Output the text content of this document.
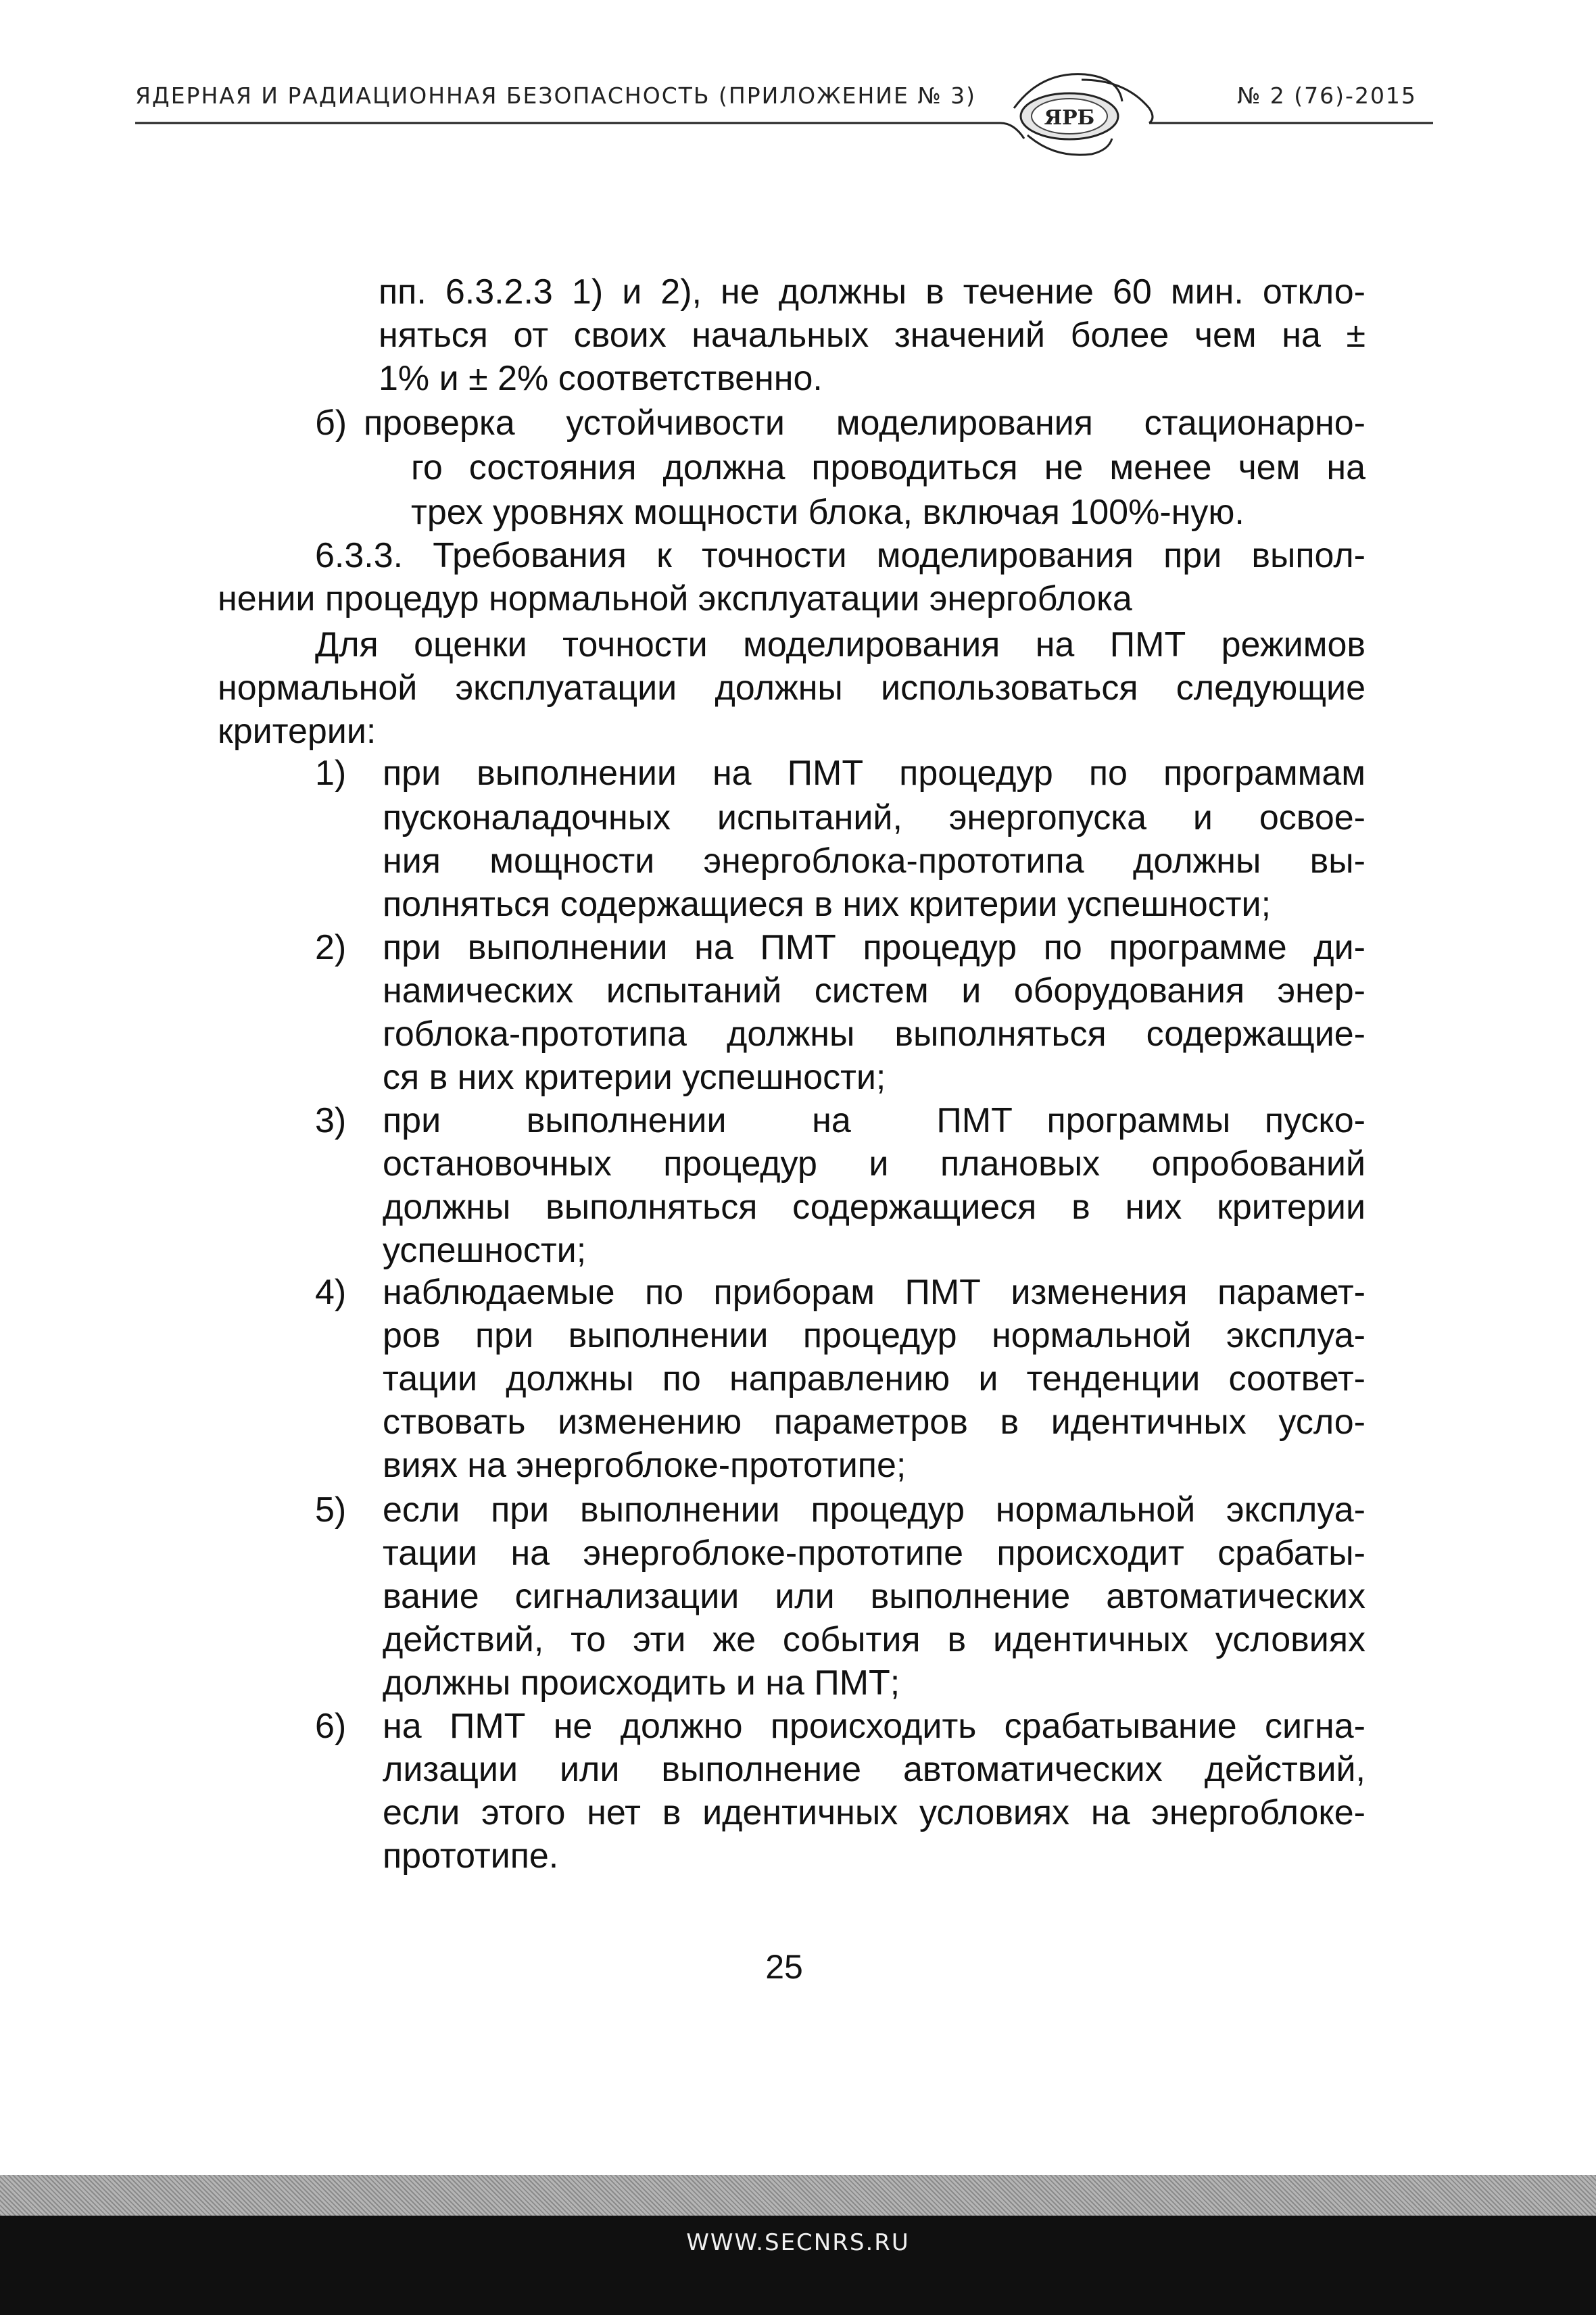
ЯДЕРНАЯ И РАДИАЦИОННАЯ БЕЗОПАСНОСТЬ (ПРИЛОЖЕНИЕ № 3)	№ 2 (76)-2015
ЯРБ
пп. 6.3.2.3 1) и 2), не должны в течение 60 мин. откло-
няться от своих начальных значений более чем на ±
1% и ± 2% соответственно.
б) проверка устойчивости моделирования стационарно-
го состояния должна проводиться не менее чем на
трех уровнях мощности блока, включая 100%-ную.
6.3.3. Требования к точности моделирования при выпол-
нении процедур нормальной эксплуатации энергоблока
Для оценки точности моделирования на ПМТ режимов
нормальной эксплуатации должны использоваться следующие
критерии:
1) при выполнении на ПМТ процедур по программам
пусконаладочных испытаний, энергопуска и освое-
ния мощности энергоблока-прототипа должны вы-
полняться содержащиеся в них критерии успешности;
2) при выполнении на ПМТ процедур по программе ди-
намических испытаний систем и оборудования энер-
гоблока-прототипа должны выполняться содержащие-
ся в них критерии успешности;
3) при     выполнении     на     ПМТ  программы  пуско-
остановочных процедур и плановых опробований
должны выполняться содержащиеся в них критерии
успешности;
4) наблюдаемые по приборам ПМТ изменения парамет-
ров при выполнении процедур нормальной эксплуа-
тации должны по направлению и тенденции соответ-
ствовать изменению параметров в идентичных усло-
виях на энергоблоке-прототипе;
5) если при выполнении процедур нормальной эксплуа-
тации на энергоблоке-прототипе происходит срабаты-
вание сигнализации или выполнение автоматических
действий, то эти же события в идентичных условиях
должны происходить и на ПМТ;
6) на ПМТ не должно происходить срабатывание сигна-
лизации или выполнение автоматических действий,
если этого нет в идентичных условиях на энергоблоке-
прототипе.
25
WWW.SECNRS.RU
